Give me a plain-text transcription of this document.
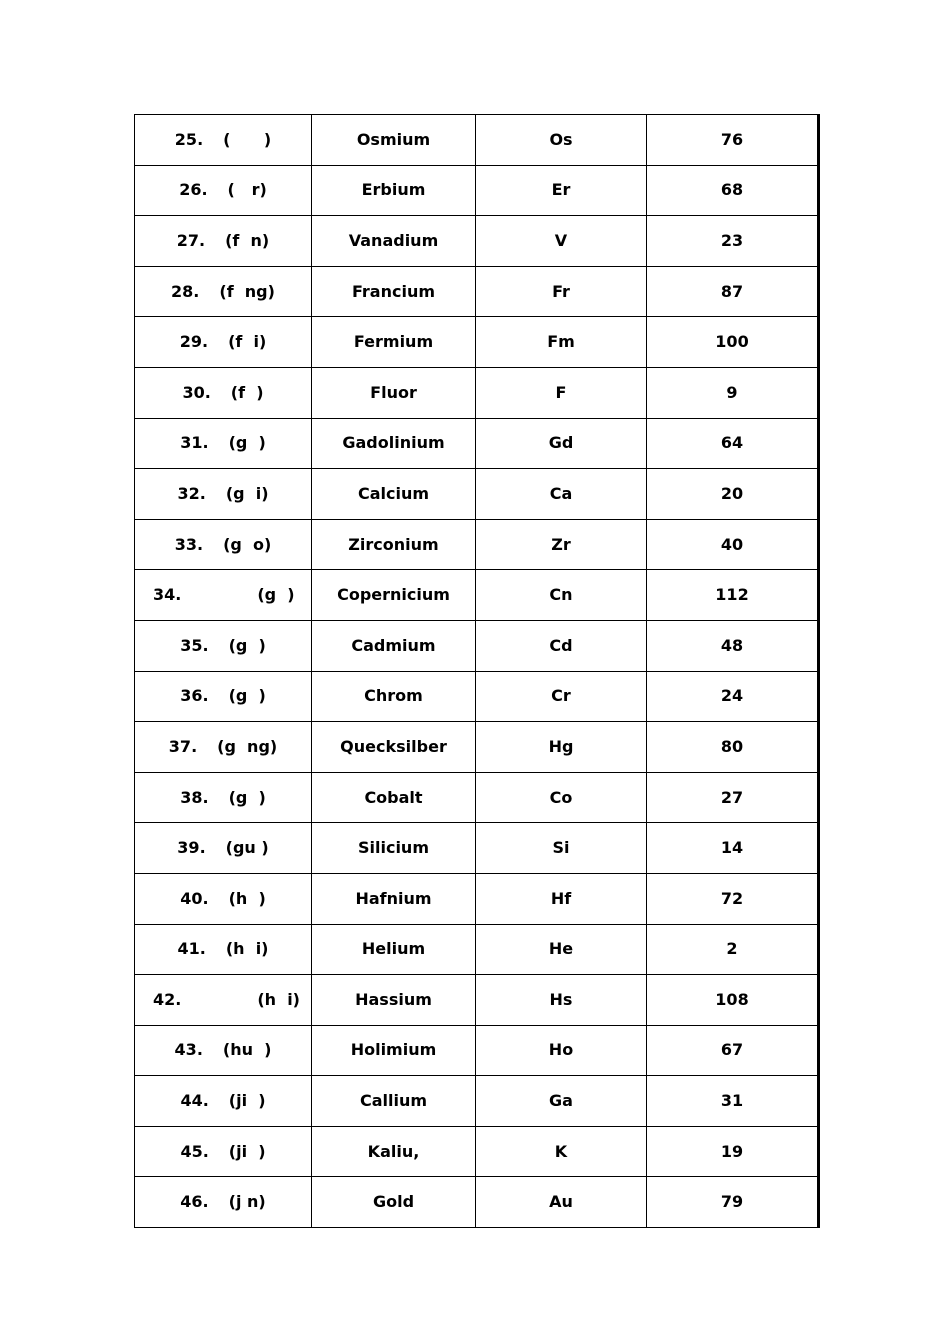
25. (      )	Osmium	Os	76
26. (   r)	Erbium	Er	68
27. (f  n)	Vanadium	V	23
28. (f  ng)	Francium	Fr	87
29. (f  i)	Fermium	Fm	100
30. (f  )	Fluor	F	9
31. (g  )	Gadolinium	Gd	64
32. (g  i)	Calcium	Ca	20
33. (g  o)	Zirconium	Zr	40
34. (g  )	Copernicium	Cn	112
35. (g  )	Cadmium	Cd	48
36. (g  )	Chrom	Cr	24
37. (g  ng)	Quecksilber	Hg	80
38. (g  )	Cobalt	Co	27
39. (gu )	Silicium	Si	14
40. (h  )	Hafnium	Hf	72
41. (h  i)	Helium	He	2
42. (h  i)	Hassium	Hs	108
43. (hu  )	Holimium	Ho	67
44. (ji  )	Callium	Ga	31
45. (ji  )	Kaliu,	K	19
46. (j n)	Gold	Au	79
